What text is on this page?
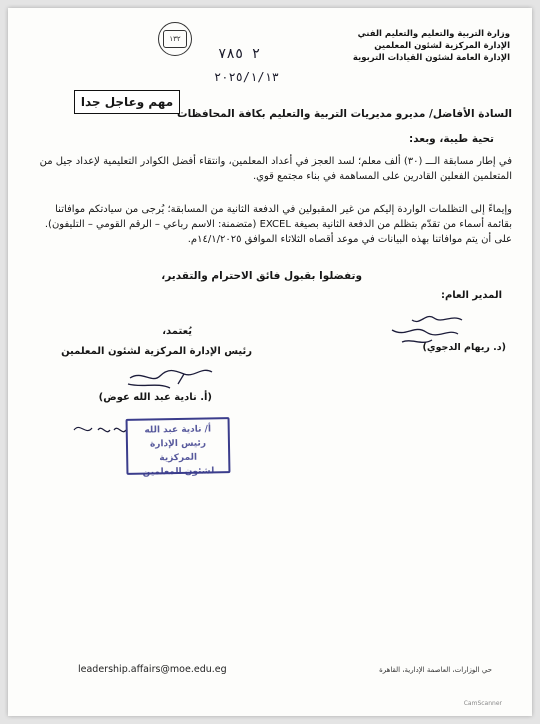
وزارة التربية والتعليم والتعليم الفني
الإدارة المركزية لشئون المعلمين
الإدارة العامة لشئون القيادات التربوية
١٣٢
٢ ٧٨٥
٢٠٢٥/١/١٣
مهم وعاجل جدا
السادة الأفاضل/ مديرو مديريات التربية والتعليم بكافة المحافظات
تحية طيبة، وبعد:
في إطار مسابقة الـــ (٣٠) ألف معلم؛ لسد العجز في أعداد المعلمين، وانتقاء أفضل الكوادر التعليمية لإعداد جيل من المتعلمين الفعلين القادرين على المساهمة في بناء مجتمع قوي.
وإيماءً إلى التظلمات الواردة إليكم من غير المقبولين في الدفعة الثانية من المسابقة؛ يُرجى من سيادتكم موافاتنا بقائمة أسماء من تقدّم بتظلم من الدفعة الثانية بصيغة EXCEL (متضمنة: الاسم رباعي – الرقم القومي – التليفون). على أن يتم موافاتنا بهذه البيانات في موعد أقصاه الثلاثاء الموافق ١٤/١/٢٠٢٥م.
وتفضلوا بقبول فائق الاحترام والتقدير،
المدير العام:
(د. ريهام الدجوي)
يُعتمد،
رئيس الإدارة المركزية لشئون المعلمين
(أ. نادية عبد الله عوض)
أ/ نادية عبد الله
رئيس الإدارة المركزية
لشئون المعلمين
leadership.affairs@moe.edu.eg	حي الوزارات، العاصمة الإدارية، القاهرة
CamScanner
